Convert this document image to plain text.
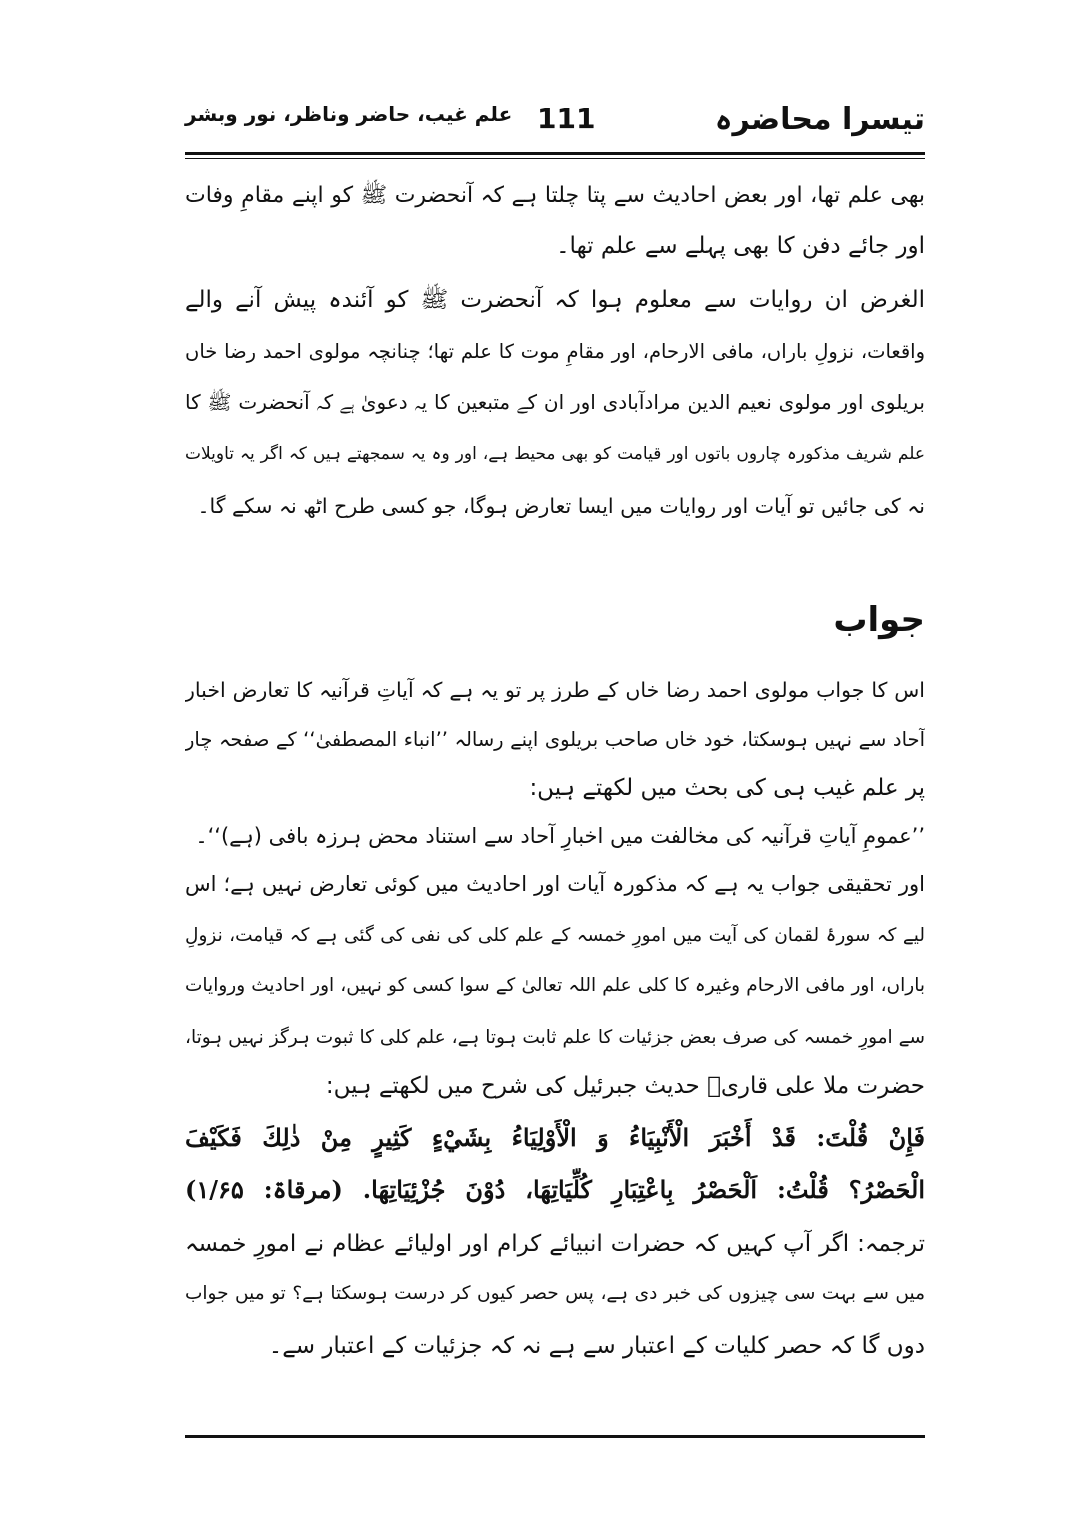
تیسرا محاضرہ
111
علم غیب، حاضر وناظر، نور وبشر
بھی علم تھا، اور بعض احادیث سے پتا چلتا ہے کہ آنحضرت ﷺ کو اپنے مقامِ وفات
اور جائے دفن کا بھی پہلے سے علم تھا۔
الغرض ان روایات سے معلوم ہوا کہ آنحضرت ﷺ کو آئندہ پیش آنے والے
واقعات، نزولِ باراں، مافی الارحام، اور مقامِ موت کا علم تھا؛ چنانچہ مولوی احمد رضا خاں
بریلوی اور مولوی نعیم الدین مرادآبادی اور ان کے متبعین کا یہ دعویٰ ہے کہ آنحضرت ﷺ کا
علم شریف مذکورہ چاروں باتوں اور قیامت کو بھی محیط ہے، اور وہ یہ سمجھتے ہیں کہ اگر یہ تاویلات
نہ کی جائیں تو آیات اور روایات میں ایسا تعارض ہوگا، جو کسی طرح اٹھ نہ سکے گا۔
جواب
اس کا جواب مولوی احمد رضا خاں کے طرز پر تو یہ ہے کہ آیاتِ قرآنیہ کا تعارض اخبار
آحاد سے نہیں ہوسکتا، خود خاں صاحب بریلوی اپنے رسالہ ’’انباء المصطفیٰ‘‘ کے صفحہ چار
پر علم غیب ہی کی بحث میں لکھتے ہیں:
’’عمومِ آیاتِ قرآنیہ کی مخالفت میں اخبارِ آحاد سے استناد محض ہرزہ بافی (ہے)‘‘۔
اور تحقیقی جواب یہ ہے کہ مذکورہ آیات اور احادیث میں کوئی تعارض نہیں ہے؛ اس
لیے کہ سورۂ لقمان کی آیت میں امورِ خمسہ کے علم کلی کی نفی کی گئی ہے کہ قیامت، نزولِ
باراں، اور مافی الارحام وغیرہ کا کلی علم اللہ تعالیٰ کے سوا کسی کو نہیں، اور احادیث وروایات
سے امورِ خمسہ کی صرف بعض جزئیات کا علم ثابت ہوتا ہے، علم کلی کا ثبوت ہرگز نہیں ہوتا،
حضرت ملا علی قاریؒ حدیث جبرئیل کی شرح میں لکھتے ہیں:
فَإِنْ قُلْتَ: قَدْ أَخْبَرَ الْأَنْبِيَاءُ وَ الْأَوْلِيَاءُ بِشَيْءٍ كَثِيرٍ مِنْ ذٰلِكَ فَكَيْفَ
الْحَصْرُ؟ قُلْتُ: اَلْحَصْرُ بِاعْتِبَارِ كُلِّيَاتِهَا، دُوْنَ جُزْئِيَاتِهَا. (مرقاۃ: ۱/۶۵)
ترجمہ: اگر آپ کہیں کہ حضرات انبیائے کرام اور اولیائے عظام نے امورِ خمسہ
میں سے بہت سی چیزوں کی خبر دی ہے، پس حصر کیوں کر درست ہوسکتا ہے؟ تو میں جواب
دوں گا کہ حصر کلیات کے اعتبار سے ہے نہ کہ جزئیات کے اعتبار سے۔
